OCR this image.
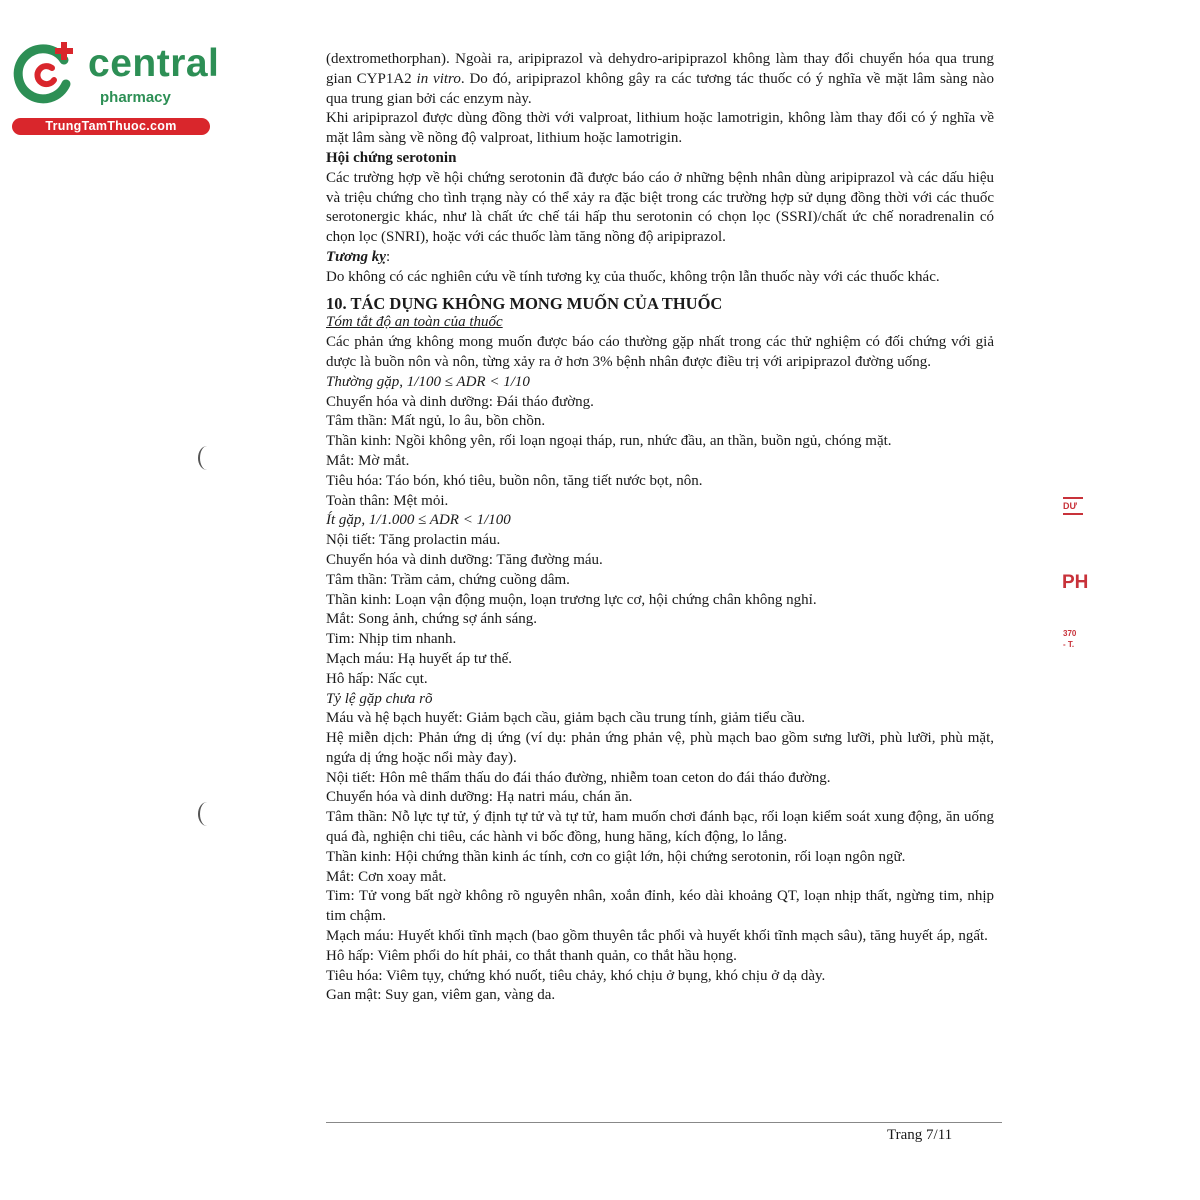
central
pharmacy
TrungTamThuoc.com

(dextromethorphan). Ngoài ra, aripiprazol và dehydro-aripiprazol không làm thay đổi chuyển hóa qua trung gian CYP1A2 in vitro. Do đó, aripiprazol không gây ra các tương tác thuốc có ý nghĩa về mặt lâm sàng nào qua trung gian bởi các enzym này.

Khi aripiprazol được dùng đồng thời với valproat, lithium hoặc lamotrigin, không làm thay đổi có ý nghĩa về mặt lâm sàng về nồng độ valproat, lithium hoặc lamotrigin.

Hội chứng serotonin

Các trường hợp về hội chứng serotonin đã được báo cáo ở những bệnh nhân dùng aripiprazol và các dấu hiệu và triệu chứng cho tình trạng này có thể xảy ra đặc biệt trong các trường hợp sử dụng đồng thời với các thuốc serotonergic khác, như là chất ức chế tái hấp thu serotonin có chọn lọc (SSRI)/chất ức chế noradrenalin có chọn lọc (SNRI), hoặc với các thuốc làm tăng nồng độ aripiprazol.

Tương kỵ:

Do không có các nghiên cứu về tính tương kỵ của thuốc, không trộn lẫn thuốc này với các thuốc khác.

10. TÁC DỤNG KHÔNG MONG MUỐN CỦA THUỐC

Tóm tắt độ an toàn của thuốc

Các phản ứng không mong muốn được báo cáo thường gặp nhất trong các thử nghiệm có đối chứng với giả dược là buồn nôn và nôn, từng xảy ra ở hơn 3% bệnh nhân được điều trị với aripiprazol đường uống.

Thường gặp, 1/100 ≤ ADR < 1/10

Chuyển hóa và dinh dưỡng: Đái tháo đường.

Tâm thần: Mất ngủ, lo âu, bồn chồn.

Thần kinh: Ngồi không yên, rối loạn ngoại tháp, run, nhức đầu, an thần, buồn ngủ, chóng mặt.

Mắt: Mờ mắt.

Tiêu hóa: Táo bón, khó tiêu, buồn nôn, tăng tiết nước bọt, nôn.

Toàn thân: Mệt mỏi.

Ít gặp, 1/1.000 ≤ ADR < 1/100

Nội tiết: Tăng prolactin máu.

Chuyển hóa và dinh dưỡng: Tăng đường máu.

Tâm thần: Trầm cảm, chứng cuồng dâm.

Thần kinh: Loạn vận động muộn, loạn trương lực cơ, hội chứng chân không nghỉ.

Mắt: Song ảnh, chứng sợ ánh sáng.

Tim: Nhịp tim nhanh.

Mạch máu: Hạ huyết áp tư thế.

Hô hấp: Nấc cụt.

Tỷ lệ gặp chưa rõ

Máu và hệ bạch huyết: Giảm bạch cầu, giảm bạch cầu trung tính, giảm tiểu cầu.

Hệ miễn dịch: Phản ứng dị ứng (ví dụ: phản ứng phản vệ, phù mạch bao gồm sưng lưỡi, phù lưỡi, phù mặt, ngứa dị ứng hoặc nổi mày đay).

Nội tiết: Hôn mê thẩm thấu do đái tháo đường, nhiễm toan ceton do đái tháo đường.

Chuyển hóa và dinh dưỡng: Hạ natri máu, chán ăn.

Tâm thần: Nỗ lực tự tử, ý định tự tử và tự tử, ham muốn chơi đánh bạc, rối loạn kiểm soát xung động, ăn uống quá đà, nghiện chi tiêu, các hành vi bốc đồng, hung hăng, kích động, lo lắng.

Thần kinh: Hội chứng thần kinh ác tính, cơn co giật lớn, hội chứng serotonin, rối loạn ngôn ngữ.

Mắt: Cơn xoay mắt.

Tim: Tử vong bất ngờ không rõ nguyên nhân, xoắn đỉnh, kéo dài khoảng QT, loạn nhịp thất, ngừng tim, nhịp tim chậm.

Mạch máu: Huyết khối tĩnh mạch (bao gồm thuyên tắc phổi và huyết khối tĩnh mạch sâu), tăng huyết áp, ngất.

Hô hấp: Viêm phổi do hít phải, co thắt thanh quản, co thắt hầu họng.

Tiêu hóa: Viêm tụy, chứng khó nuốt, tiêu chảy, khó chịu ở bụng, khó chịu ở dạ dày.

Gan mật: Suy gan, viêm gan, vàng da.

DƯ
PH
370
- T.
Trang 7/11
